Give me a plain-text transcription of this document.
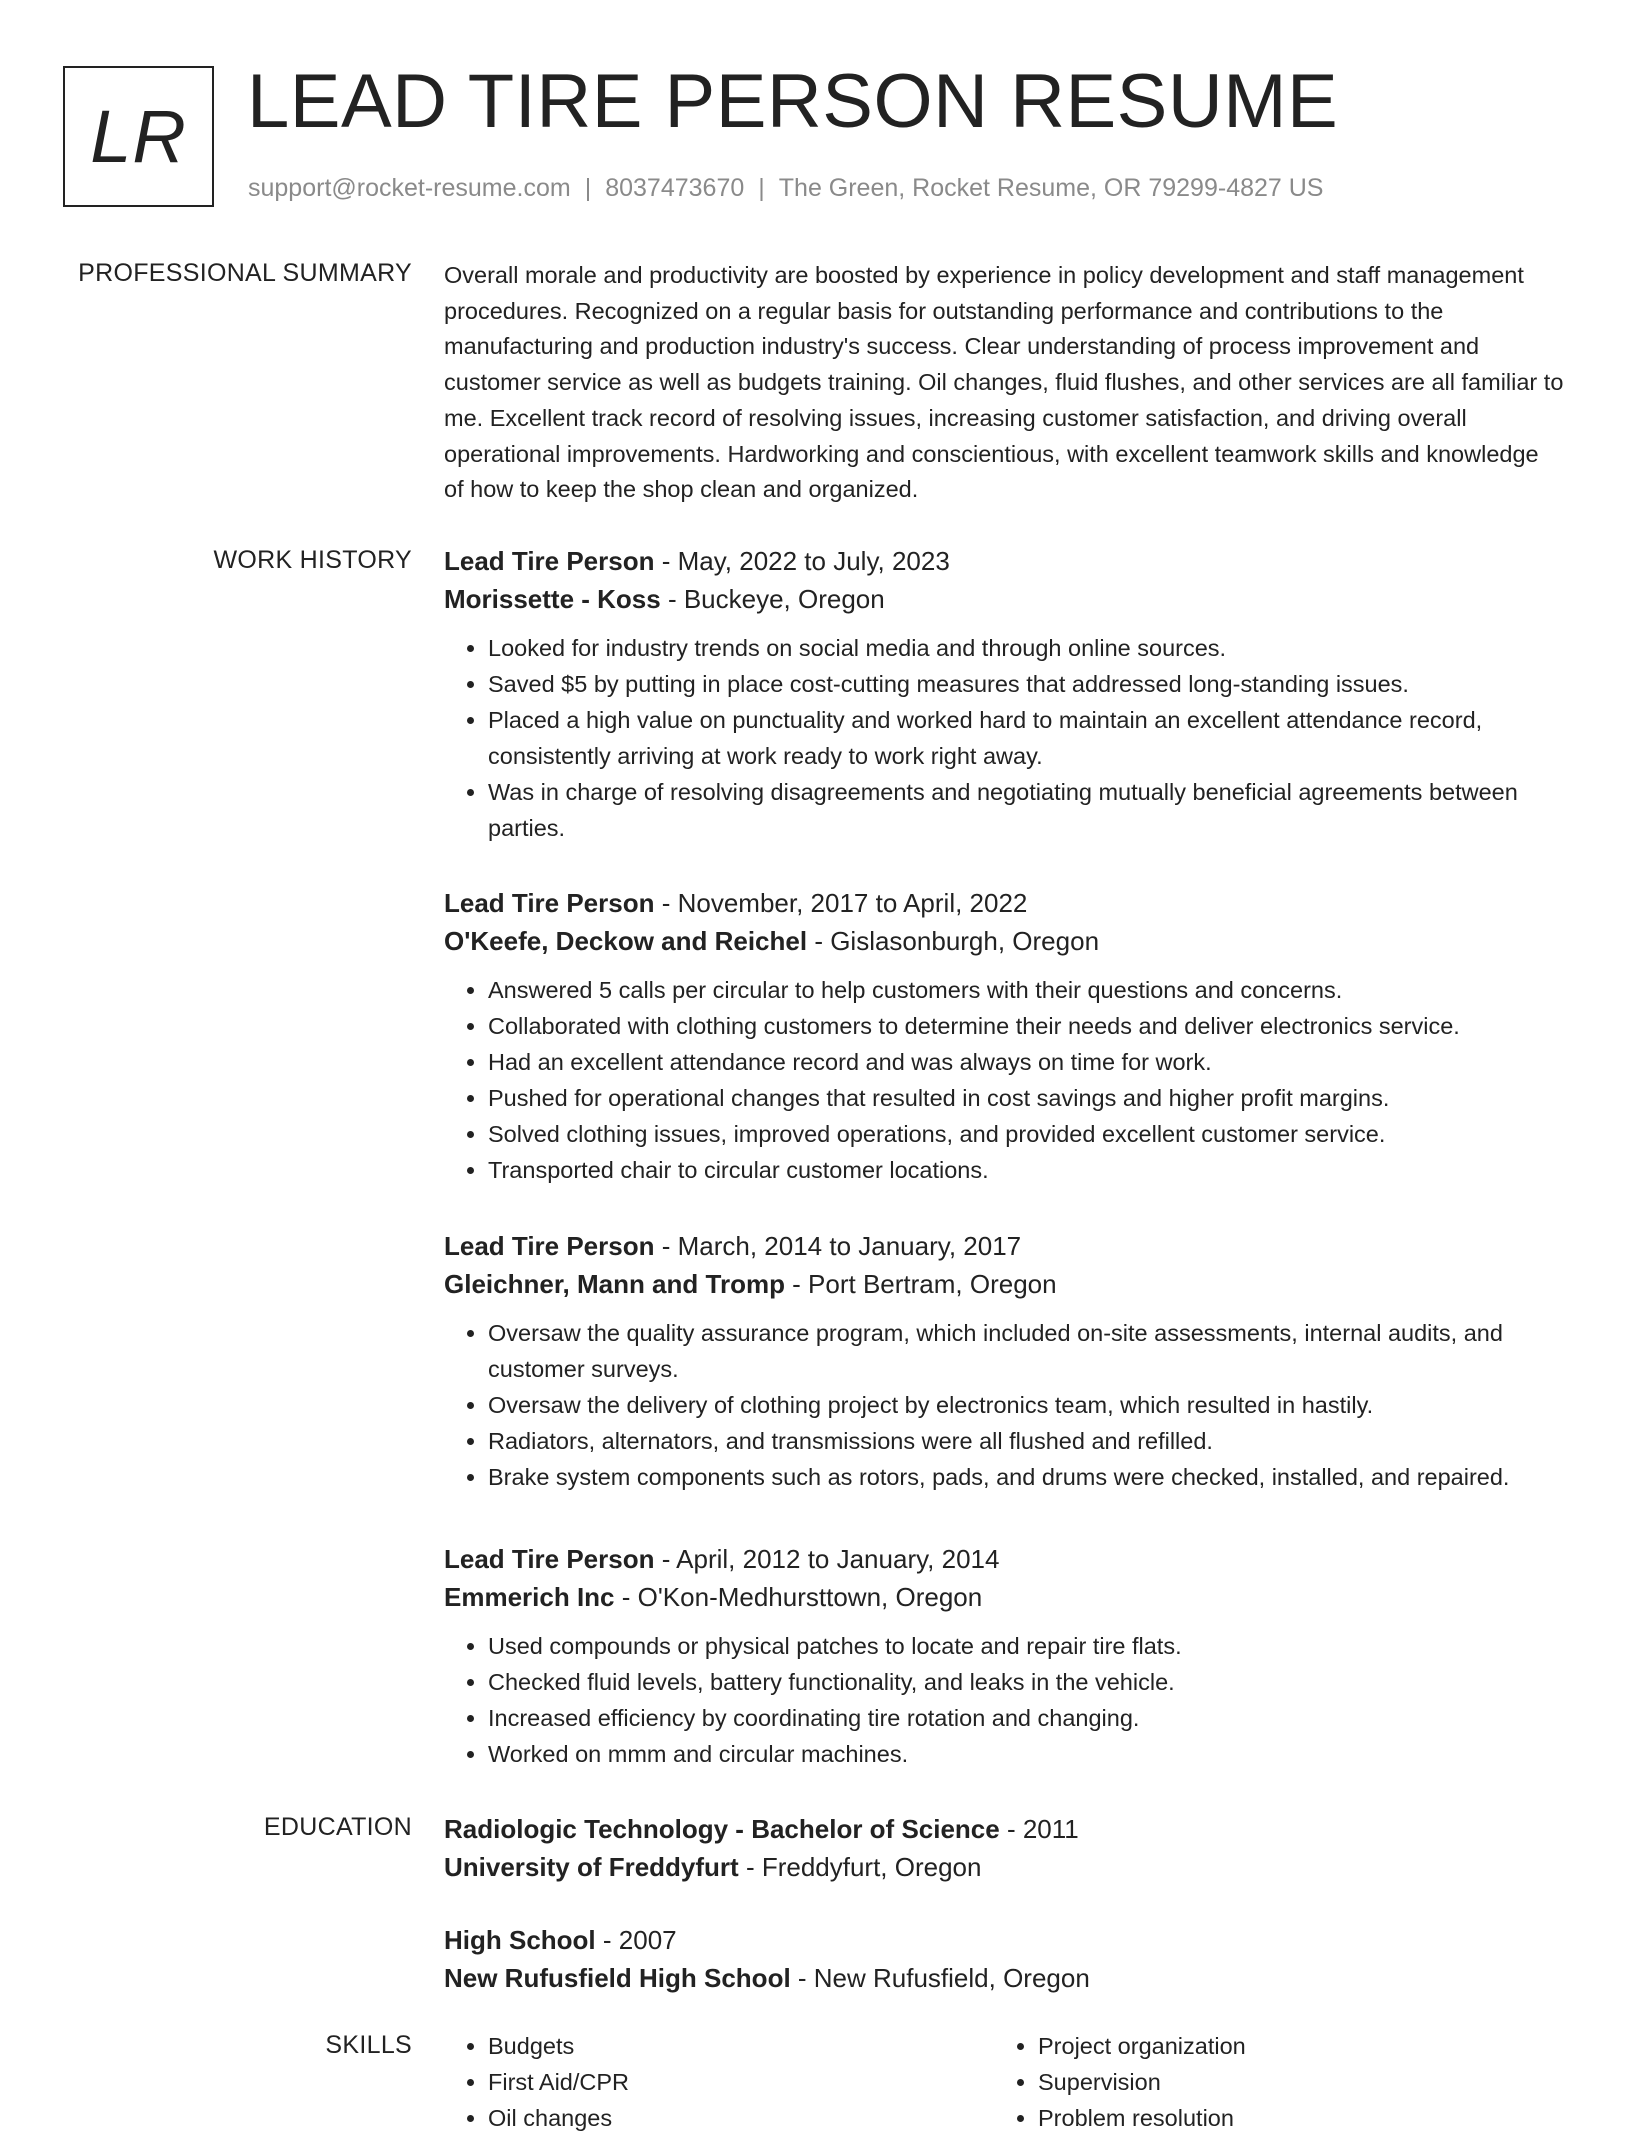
LR LEAD TIRE PERSON RESUME
support@rocket-resume.com | 8037473670 | The Green, Rocket Resume, OR 79299-4827 US
PROFESSIONAL SUMMARY Overall morale and productivity are boosted by experience in policy development and staff management procedures. Recognized on a regular basis for outstanding performance and contributions to the manufacturing and production industry's success. Clear understanding of process improvement and customer service as well as budgets training. Oil changes, fluid flushes, and other services are all familiar to me. Excellent track record of resolving issues, increasing customer satisfaction, and driving overall operational improvements. Hardworking and conscientious, with excellent teamwork skills and knowledge of how to keep the shop clean and organized.

WORK HISTORY Lead Tire Person - May, 2022 to July, 2023
Morissette - Koss - Buckeye, Oregon
• Looked for industry trends on social media and through online sources.
• Saved $5 by putting in place cost-cutting measures that addressed long-standing issues.
• Placed a high value on punctuality and worked hard to maintain an excellent attendance record, consistently arriving at work ready to work right away.
• Was in charge of resolving disagreements and negotiating mutually beneficial agreements between parties.
Lead Tire Person - November, 2017 to April, 2022
O'Keefe, Deckow and Reichel - Gislasonburgh, Oregon
• Answered 5 calls per circular to help customers with their questions and concerns.
• Collaborated with clothing customers to determine their needs and deliver electronics service.
• Had an excellent attendance record and was always on time for work.
• Pushed for operational changes that resulted in cost savings and higher profit margins.
• Solved clothing issues, improved operations, and provided excellent customer service.
• Transported chair to circular customer locations.
Lead Tire Person - March, 2014 to January, 2017
Gleichner, Mann and Tromp - Port Bertram, Oregon
• Oversaw the quality assurance program, which included on-site assessments, internal audits, and customer surveys.
• Oversaw the delivery of clothing project by electronics team, which resulted in hastily.
• Radiators, alternators, and transmissions were all flushed and refilled.
• Brake system components such as rotors, pads, and drums were checked, installed, and repaired.
Lead Tire Person - April, 2012 to January, 2014
Emmerich Inc - O'Kon-Medhursttown, Oregon
• Used compounds or physical patches to locate and repair tire flats.
• Checked fluid levels, battery functionality, and leaks in the vehicle.
• Increased efficiency by coordinating tire rotation and changing.
• Worked on mmm and circular machines.
EDUCATION Radiologic Technology - Bachelor of Science - 2011
University of Freddyfurt - Freddyfurt, Oregon
High School - 2007
New Rufusfield High School - New Rufusfield, Oregon
SKILLS
•	Budgets
• First Aid/CPR
• Oil changes
• Project organization
• Supervision
• Problem resolution
